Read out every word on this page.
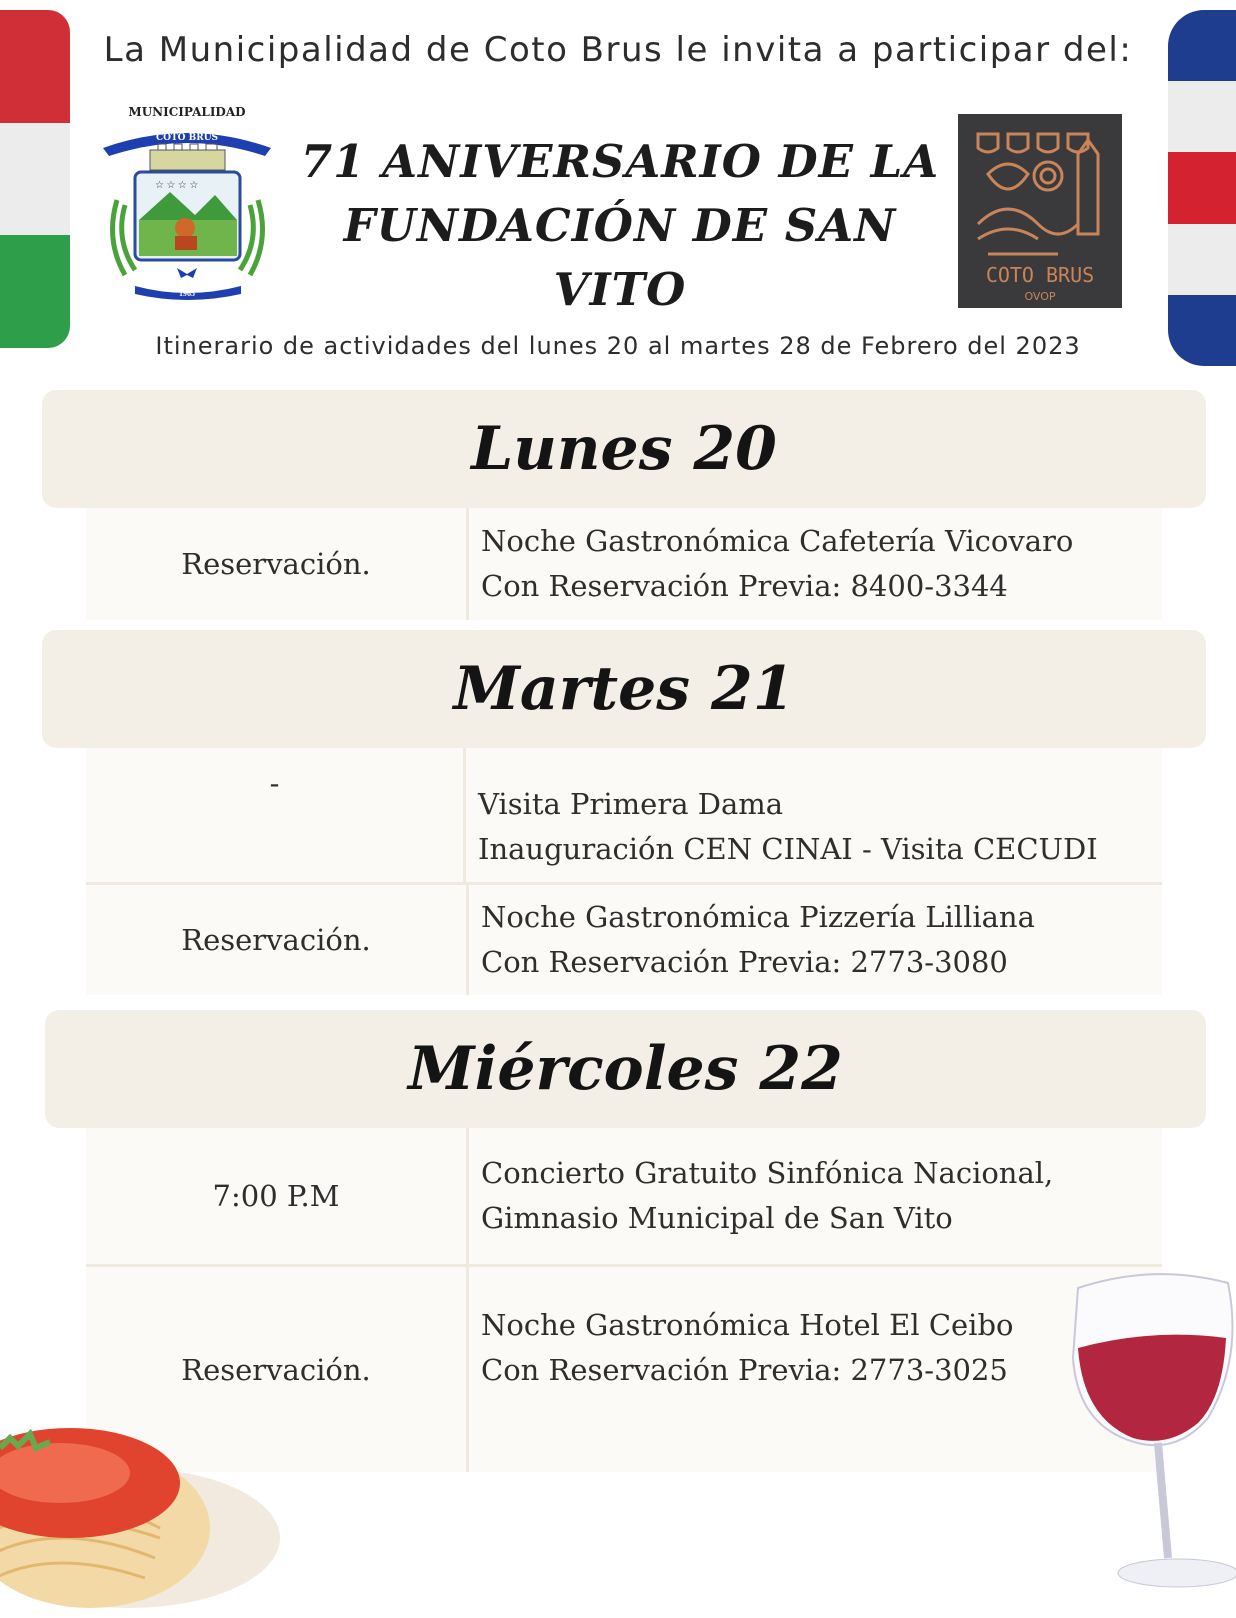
La Municipalidad de Coto Brus le invita a participar del:
MUNICIPALIDAD
COTO BRUS
☆ ☆ ☆ ☆
1965
71 ANIVERSARIO DE LA
FUNDACIÓN DE SAN VITO	COTO BRUS
OVOP
Itinerario de actividades del lunes 20 al martes 28 de Febrero del 2023
Lunes 20
Reservación.
Noche Gastronómica Cafetería Vicovaro
Con Reservación Previa: 8400-3344
Martes 21
-
Visita Primera Dama
Inauguración CEN CINAI - Visita CECUDI
Reservación.
Noche Gastronómica Pizzería Lilliana
Con Reservación Previa: 2773-3080
Miércoles 22
7:00 P.M
Concierto Gratuito Sinfónica Nacional,
Gimnasio Municipal de San Vito
Reservación.
Noche Gastronómica Hotel El Ceibo
Con Reservación Previa: 2773-3025
